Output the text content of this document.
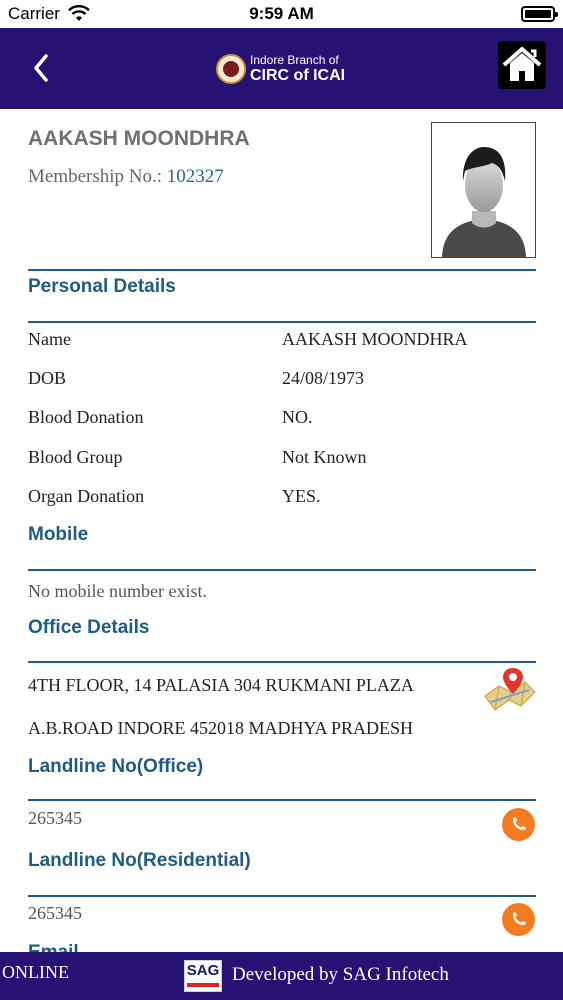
Carrier	9:59 AM
Indore Branch of
CIRC of ICAI
AAKASH MOONDHRA
Membership No.: 102327
Personal Details
Name	AAKASH MOONDHRA
DOB	24/08/1973
Blood Donation	NO.
Blood Group	Not Known
Organ Donation	YES.
Mobile
No mobile number exist.
Office Details
4TH FLOOR, 14 PALASIA 304 RUKMANI PLAZA
A.B.ROAD INDORE 452018 MADHYA PRADESH
Landline No(Office)
265345
Landline No(Residential)
265345
ONLINE	SAG Developed by SAG Infotech
